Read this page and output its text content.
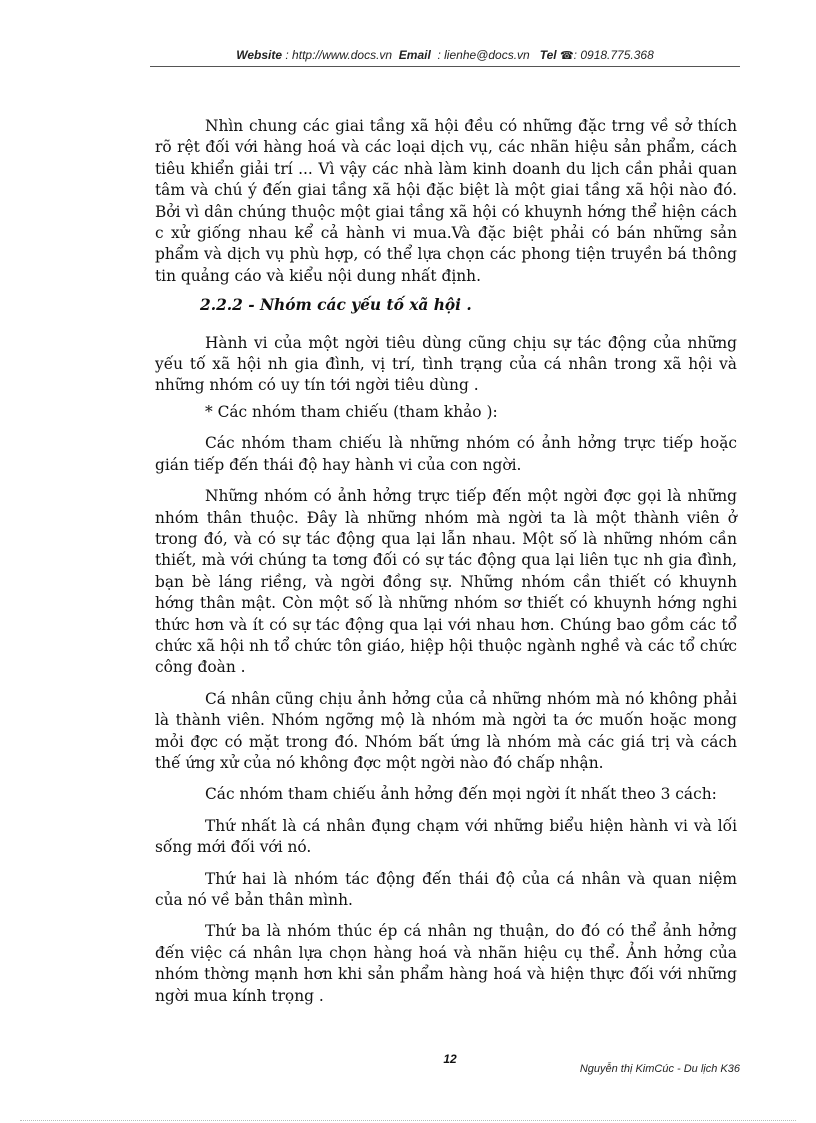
Website : http://www.docs.vn Email : lienhe@docs.vn Tel ☎: 0918.775.368

Nhìn chung các giai tầng xã hội đều có những đặc trng về sở thích rõ rệt đối với hàng hoá và các loại dịch vụ, các nhãn hiệu sản phẩm, cách tiêu khiển giải trí ... Vì vậy các nhà làm kinh doanh du lịch cần phải quan tâm và chú ý đến giai tầng xã hội đặc biệt là một giai tầng xã hội nào đó. Bởi vì dân chúng thuộc một giai tầng xã hội có khuynh hớng thể hiện cách c xử giống nhau kể cả hành vi mua.Và đặc biệt phải có bán những sản phẩm và dịch vụ phù hợp, có thể lựa chọn các phong tiện truyền bá thông tin quảng cáo và kiểu nội dung nhất định.

2.2.2 - Nhóm các yếu tố xã hội .

Hành vi của một ngời tiêu dùng cũng chịu sự tác động của những yếu tố xã hội nh gia đình, vị trí, tình trạng của cá nhân trong xã hội và những nhóm có uy tín tới ngời tiêu dùng .

* Các nhóm tham chiếu (tham khảo ):

Các nhóm tham chiếu là những nhóm có ảnh hởng trực tiếp hoặc gián tiếp đến thái độ hay hành vi của con ngời.

Những nhóm có ảnh hởng trực tiếp đến một ngời đợc gọi là những nhóm thân thuộc. Đây là những nhóm mà ngời ta là một thành viên ở trong đó, và có sự tác động qua lại lẫn nhau. Một số là những nhóm cần thiết, mà với chúng ta tơng đối có sự tác động qua lại liên tục nh gia đình, bạn bè láng riềng, và ngời đồng sự. Những nhóm cần thiết có khuynh hớng thân mật. Còn một số là những nhóm sơ thiết có khuynh hớng nghi thức hơn và ít có sự tác động qua lại với nhau hơn. Chúng bao gồm các tổ chức xã hội nh tổ chức tôn giáo, hiệp hội thuộc ngành nghề và các tổ chức công đoàn .

Cá nhân cũng chịu ảnh hởng của cả những nhóm mà nó không phải là thành viên. Nhóm ngỡng mộ là nhóm mà ngời ta ớc muốn hoặc mong mỏi đợc có mặt trong đó. Nhóm bất ứng là nhóm mà các giá trị và cách thế ứng xử của nó không đợc một ngời nào đó chấp nhận.

Các nhóm tham chiếu ảnh hởng đến mọi ngời ít nhất theo 3 cách:

Thứ nhất là cá nhân đụng chạm với những biểu hiện hành vi và lối sống mới đối với nó.

Thứ hai là nhóm tác động đến thái độ của cá nhân và quan niệm của nó về bản thân mình.

Thứ ba là nhóm thúc ép cá nhân ng thuận, do đó có thể ảnh hởng đến việc cá nhân lựa chọn hàng hoá và nhãn hiệu cụ thể. Ảnh hởng của nhóm thờng mạnh hơn khi sản phẩm hàng hoá và hiện thực đối với những ngời mua kính trọng .

12
Nguyễn thị KimCúc - Du lịch K36
